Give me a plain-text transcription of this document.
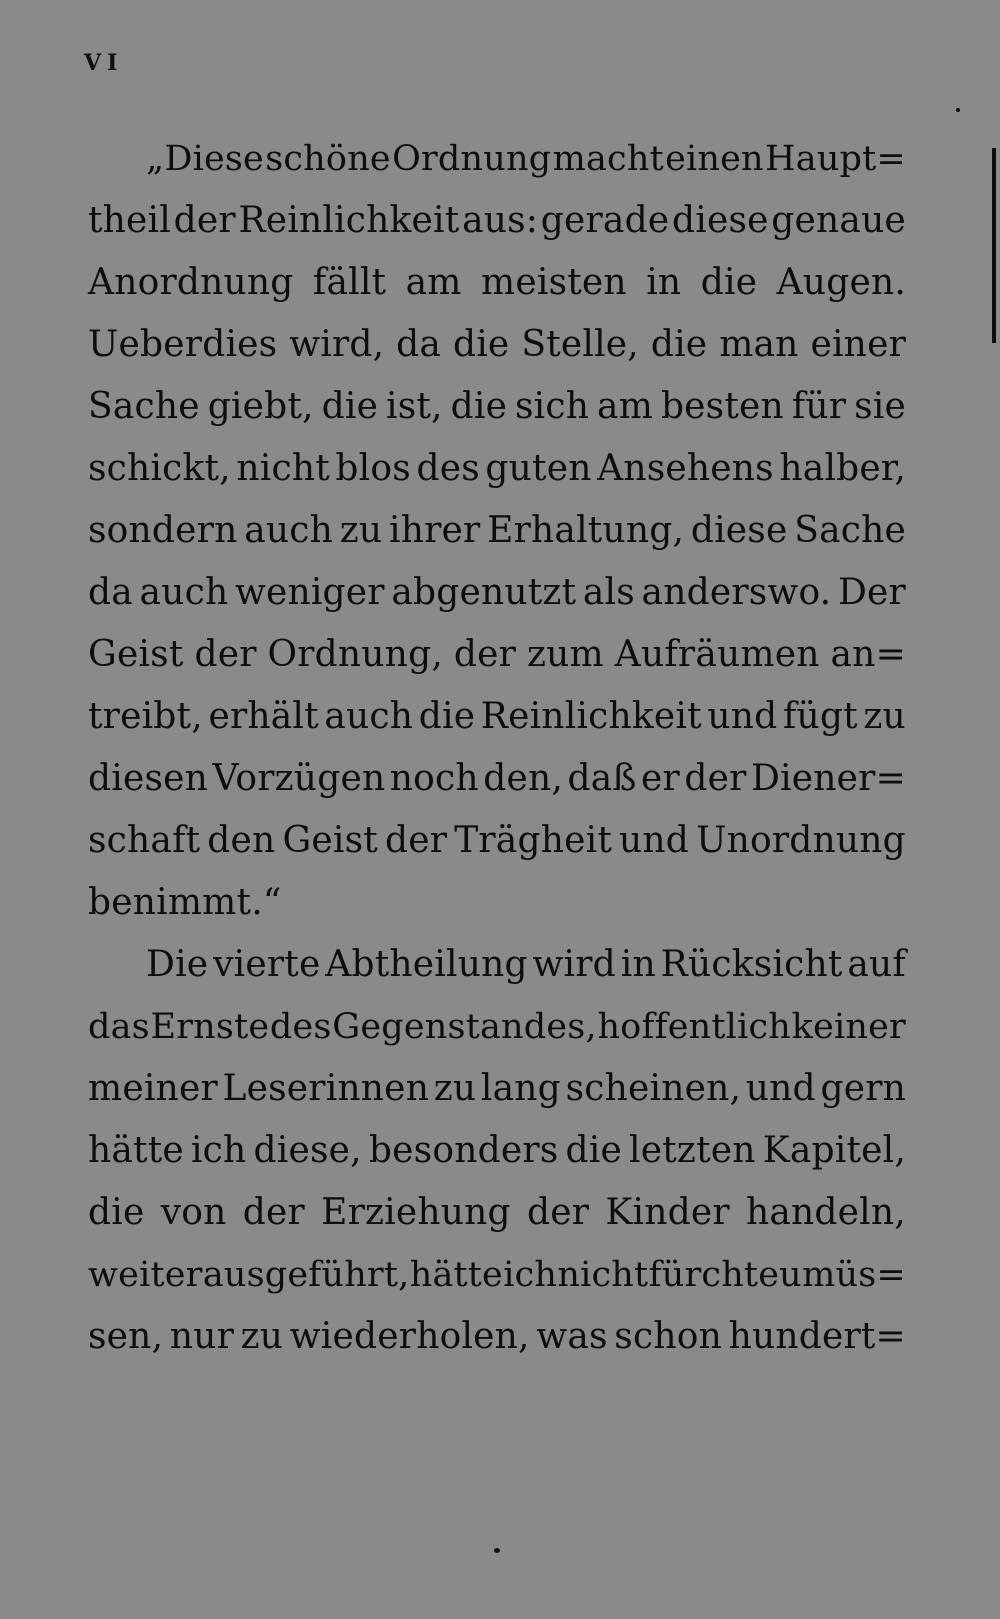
VI
„Diese schöne Ordnung macht einen Haupt=
theil der Reinlichkeit aus: gerade diese genaue
Anordnung fällt am meisten in die Augen.
Ueberdies wird, da die Stelle, die man einer
Sache giebt, die ist, die sich am besten für sie
schickt, nicht blos des guten Ansehens halber,
sondern auch zu ihrer Erhaltung, diese Sache
da auch weniger abgenutzt als anderswo. Der
Geist der Ordnung, der zum Aufräumen an=
treibt, erhält auch die Reinlichkeit und fügt zu
diesen Vorzügen noch den, daß er der Diener=
schaft den Geist der Trägheit und Unordnung
benimmt.“
Die vierte Abtheilung wird in Rücksicht auf
das Ernste des Gegenstandes, hoffentlich keiner
meiner Leserinnen zu lang scheinen, und gern
hätte ich diese, besonders die letzten Kapitel,
die von der Erziehung der Kinder handeln,
weiter ausgeführt, hätte ich nicht fürchteu müs=
sen, nur zu wiederholen, was schon hundert=
